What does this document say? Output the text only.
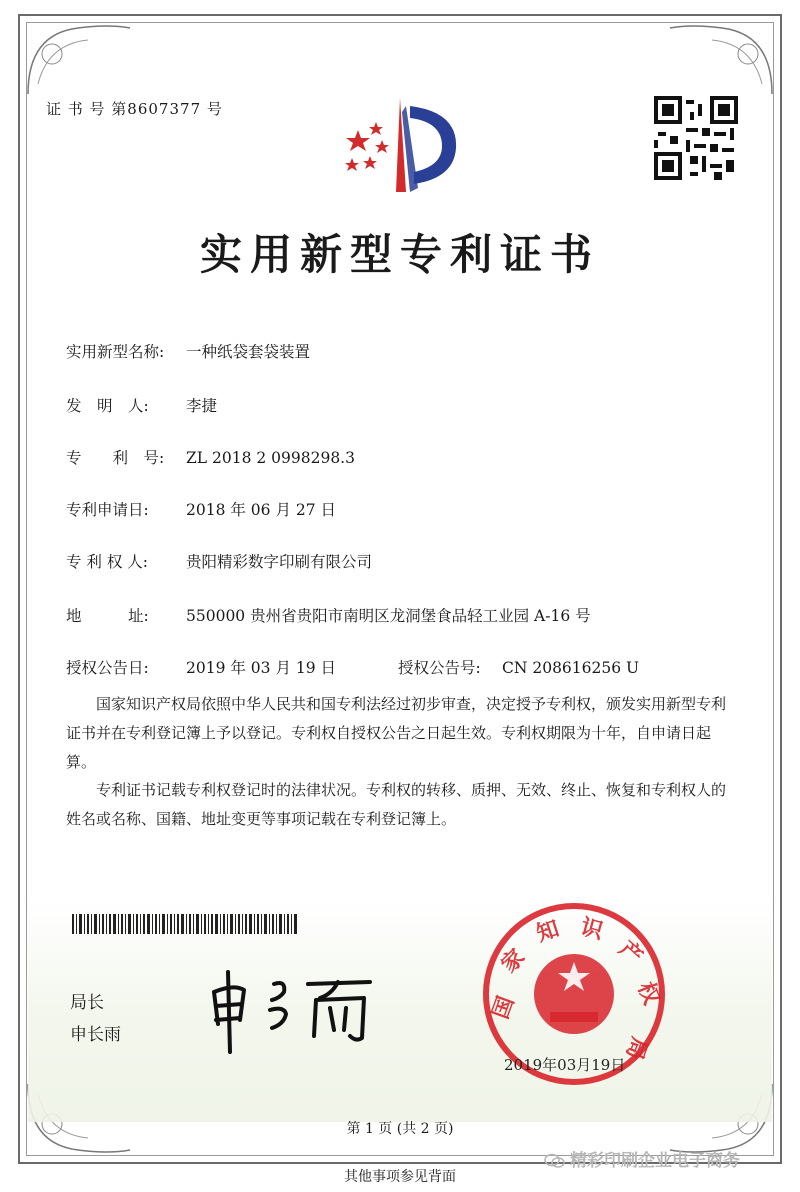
证 书 号 第8607377 号
实用新型专利证书
实用新型名称: 一种纸袋套袋装置
发　明　人: 李捷
专　　利　号: ZL 2018 2 0998298.3
专利申请日: 2018 年 06 月 27 日
专 利 权 人: 贵阳精彩数字印刷有限公司
地　　　址: 550000 贵州省贵阳市南明区龙洞堡食品轻工业园 A-16 号
授权公告日: 2019 年 03 月 19 日	授权公告号: CN 208616256 U
国家知识产权局依照中华人民共和国专利法经过初步审查，决定授予专利权，颁发实用新型专利证书并在专利登记簿上予以登记。专利权自授权公告之日起生效。专利权期限为十年，自申请日起算。
专利证书记载专利权登记时的法律状况。专利权的转移、质押、无效、终止、恢复和专利权人的姓名或名称、国籍、地址变更等事项记载在专利登记簿上。
局长
申长雨
国
家
知 识
产
权
局
2019年03月19日
第 1 页 (共 2 页)
其他事项参见背面
精彩印刷企业电子商务
